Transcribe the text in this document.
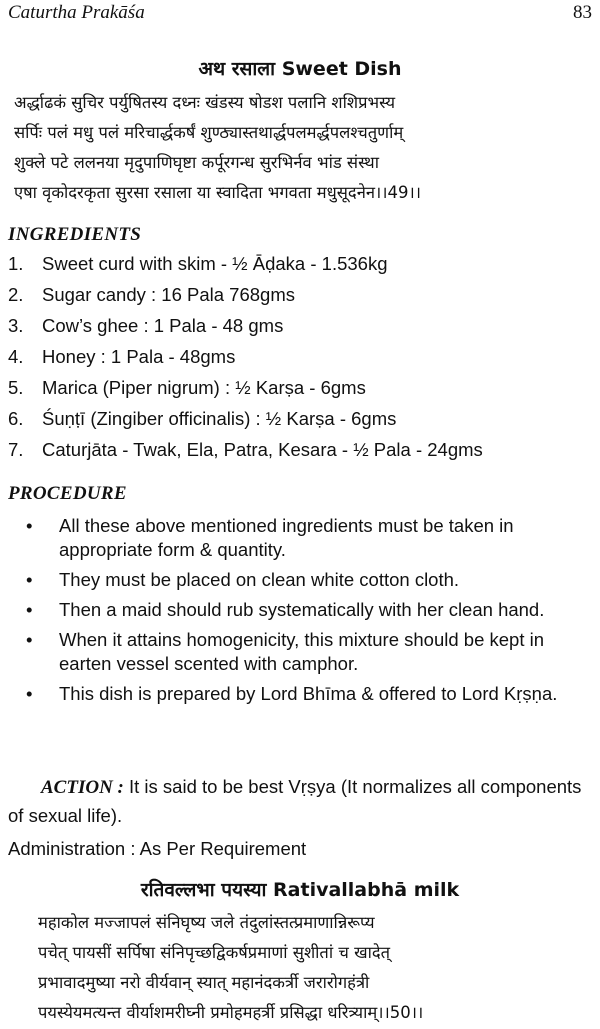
Caturtha Prakāśa	83
अथ रसाला Sweet Dish
अर्द्धाढकं सुचिर पर्युषितस्य दध्नः खंडस्य षोडश पलानि शशिप्रभस्य
सर्पिः पलं मधु पलं मरिचार्द्धकर्षं शुण्ठ्यास्तथार्द्धपलमर्द्धपलश्चतुर्णाम्
शुक्ले पटे ललनया मृदुपाणिघृष्टा कर्पूरगन्ध सुरभिर्नव भांड संस्था
एषा वृकोदरकृता सुरसा रसाला या स्वादिता भगवता मधुसूदनेन।।49।।
INGREDIENTS
1.	Sweet curd with skim - ½ Āḍaka - 1.536kg
2.	Sugar candy : 16 Pala 768gms
3.	Cow’s ghee : 1 Pala - 48 gms
4.	Honey : 1 Pala - 48gms
5.	Marica (Piper nigrum) : ½ Karṣa - 6gms
6.	Śuṇṭī (Zingiber officinalis) : ½ Karṣa - 6gms
7.	Caturjāta - Twak, Ela, Patra, Kesara - ½ Pala - 24gms
PROCEDURE
•	All these above mentioned ingredients must be taken in appropriate form & quantity.
•	They must be placed on clean white cotton cloth.
•	Then a maid should rub systematically with her clean hand.
•	When it attains homogenicity, this mixture should be kept in earten vessel scented with camphor.
•	This dish is prepared by Lord Bhīma & offered to Lord Kṛṣṇa.
ACTION : It is said to be best Vṛṣya (It normalizes all components of sexual life).
Administration : As Per Requirement
रतिवल्लभा पयस्या Rativallabhā milk
महाकोल मज्जापलं संनिघृष्य जले तंदुलांस्तत्प्रमाणान्निरूप्य
पचेत् पायसीं सर्पिषा संनिपृच्छद्विकर्षप्रमाणां सुशीतां च खादेत्
प्रभावादमुष्या नरो वीर्यवान् स्यात् महानंदकर्त्री जरारोगहंत्री
पयस्येयमत्यन्त वीर्याशमरीघ्नी प्रमोहमहर्त्री प्रसिद्धा धरित्र्याम्।।50।।
